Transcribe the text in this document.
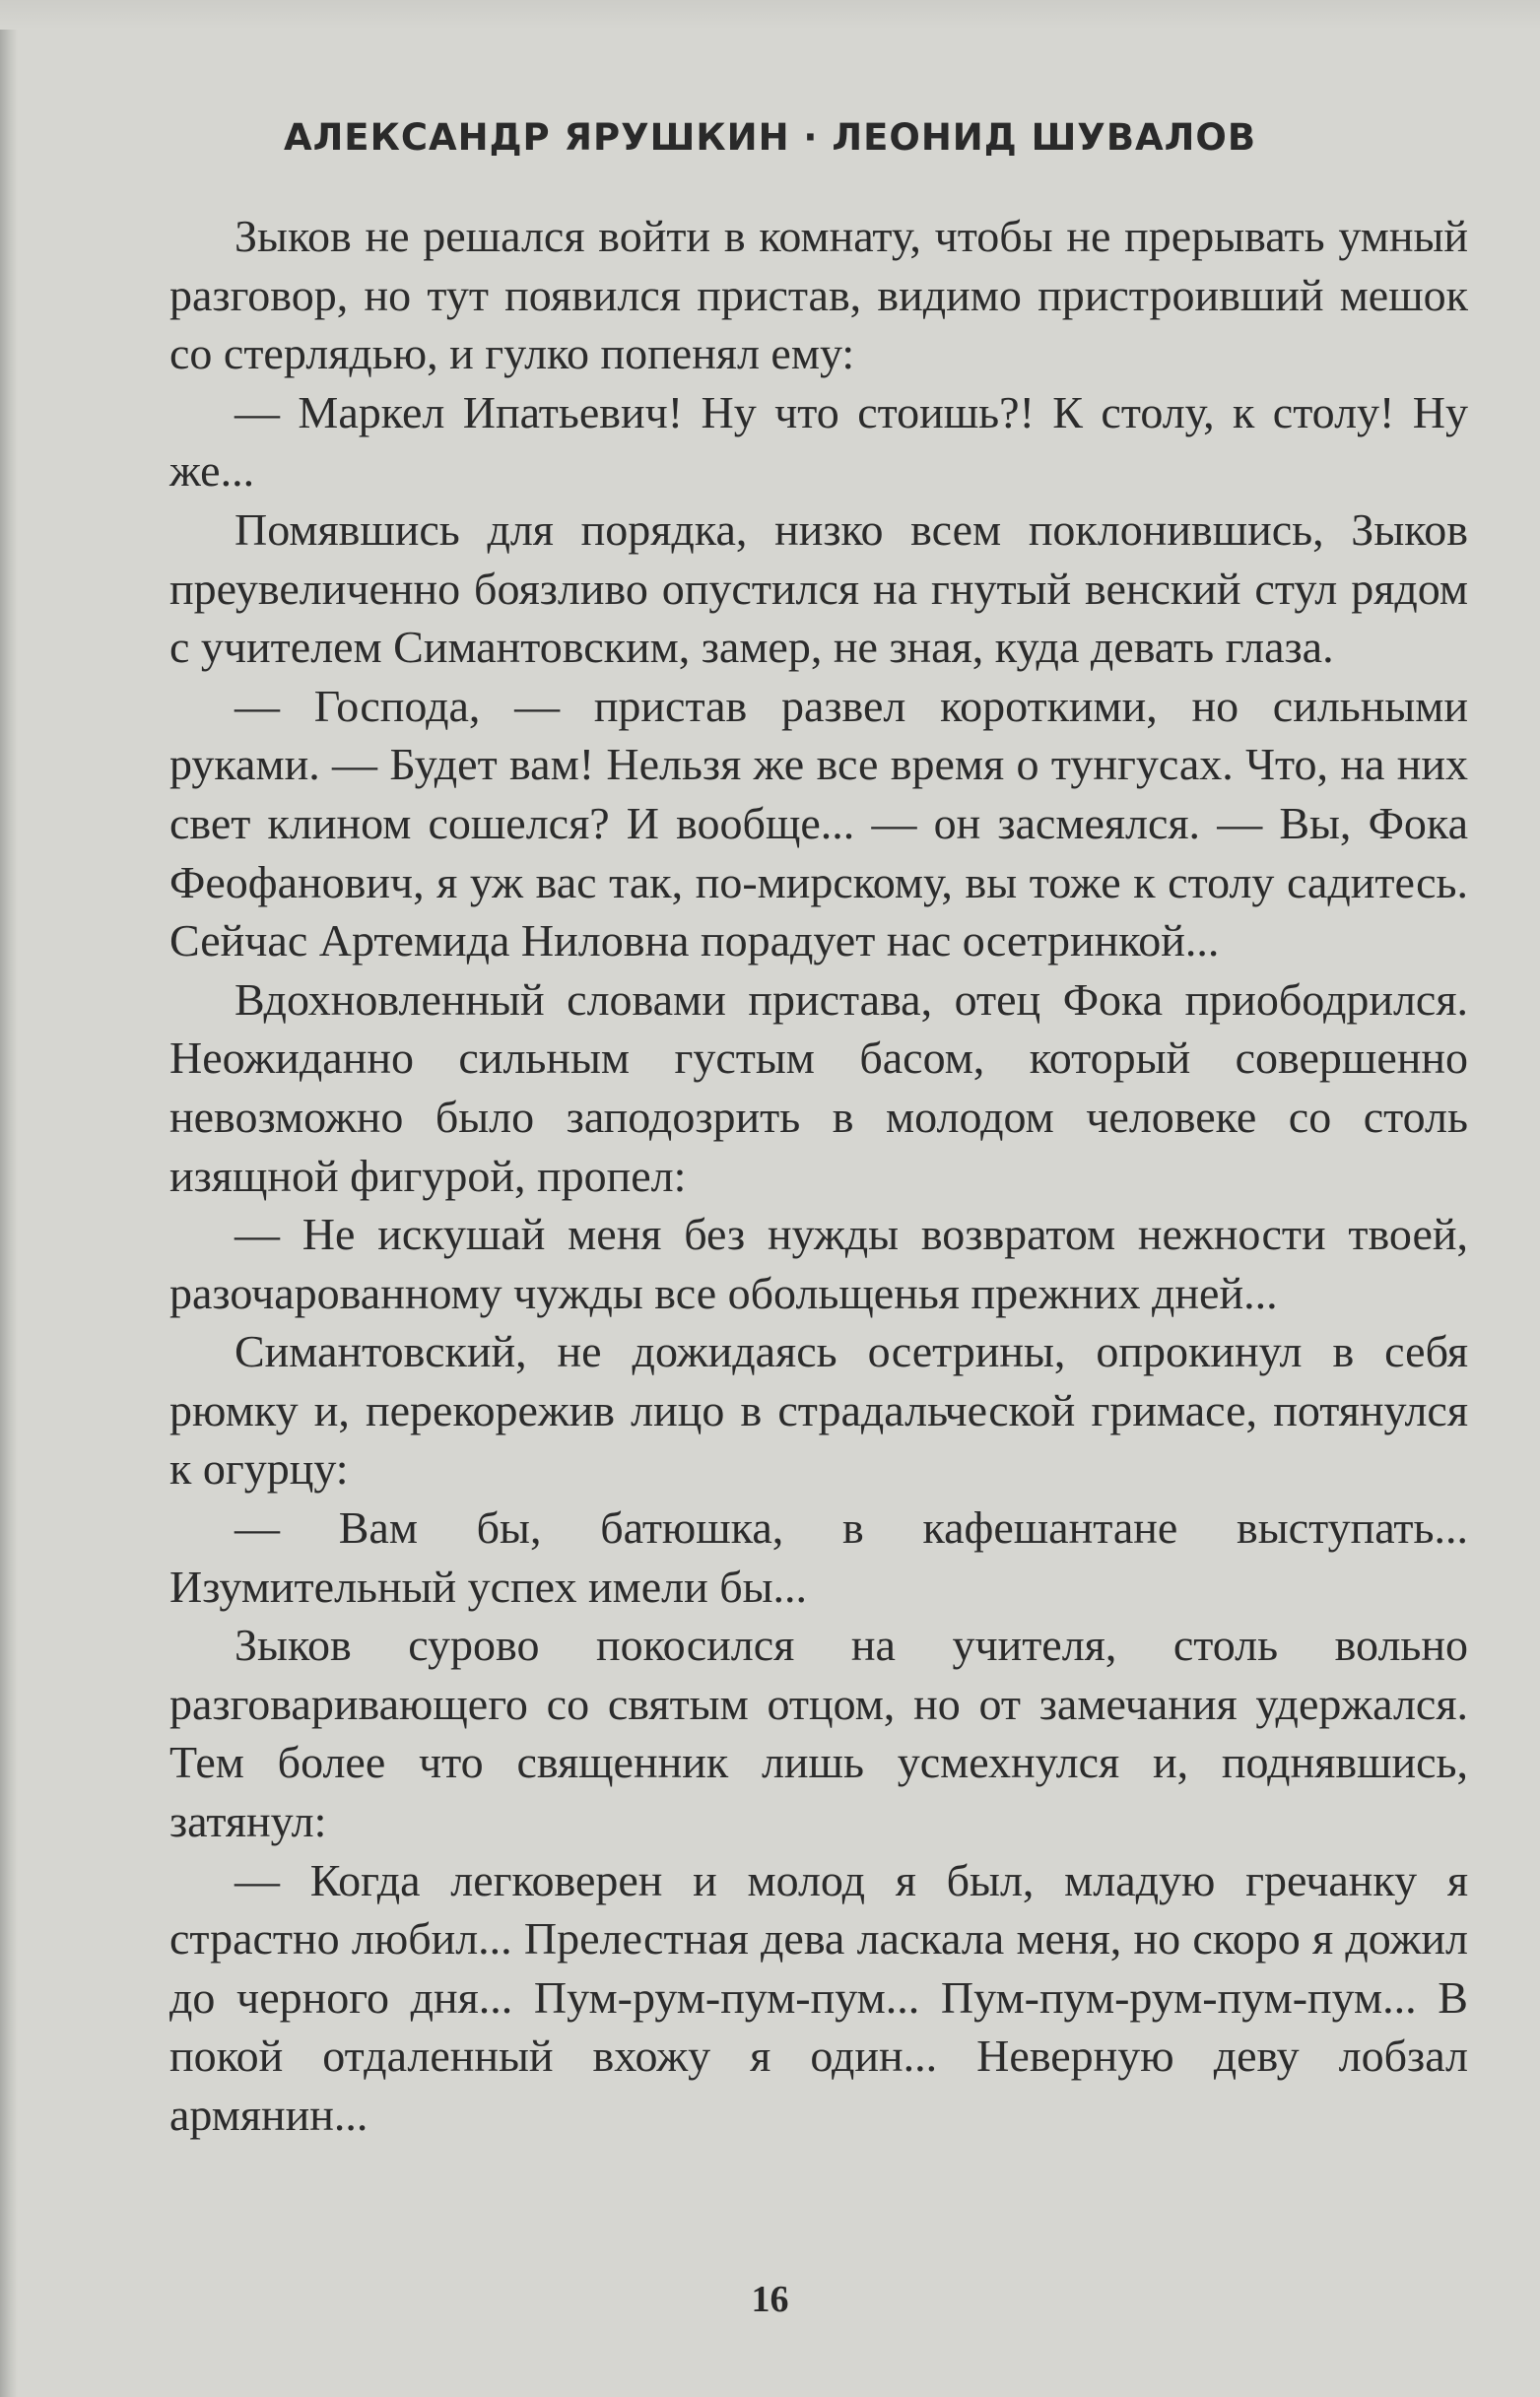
АЛЕКСАНДР ЯРУШКИН · ЛЕОНИД ШУВАЛОВ

Зыков не решался войти в комнату, чтобы не прерывать умный разговор, но тут появился пристав, видимо пристроивший мешок со стерлядью, и гулко попенял ему:

— Маркел Ипатьевич! Ну что стоишь?! К столу, к столу! Ну же...

Помявшись для порядка, низко всем поклонившись, Зыков преувеличенно боязливо опустился на гнутый венский стул рядом с учителем Симантовским, замер, не зная, куда девать глаза.

— Господа, — пристав развел короткими, но сильными руками. — Будет вам! Нельзя же все время о тунгусах. Что, на них свет клином сошелся? И вообще... — он засмеялся. — Вы, Фока Феофанович, я уж вас так, по-мирскому, вы тоже к столу садитесь. Сейчас Артемида Ниловна порадует нас осетринкой...

Вдохновленный словами пристава, отец Фока приободрился. Неожиданно сильным густым басом, который совершенно невозможно было заподозрить в молодом человеке со столь изящной фигурой, пропел:

— Не искушай меня без нужды возвратом нежности твоей, разочарованному чужды все обольщенья прежних дней...

Симантовский, не дожидаясь осетрины, опрокинул в себя рюмку и, перекорежив лицо в страдальческой гримасе, потянулся к огурцу:

— Вам бы, батюшка, в кафешантане выступать... Изумительный успех имели бы...

Зыков сурово покосился на учителя, столь вольно разговаривающего со святым отцом, но от замечания удержался. Тем более что священник лишь усмехнулся и, поднявшись, затянул:

— Когда легковерен и молод я был, младую гречанку я страстно любил... Прелестная дева ласкала меня, но скоро я дожил до черного дня... Пум-рум-пум-пум... Пум-пум-рум-пум-пум... В покой отдаленный вхожу я один... Неверную деву лобзал армянин...

16
